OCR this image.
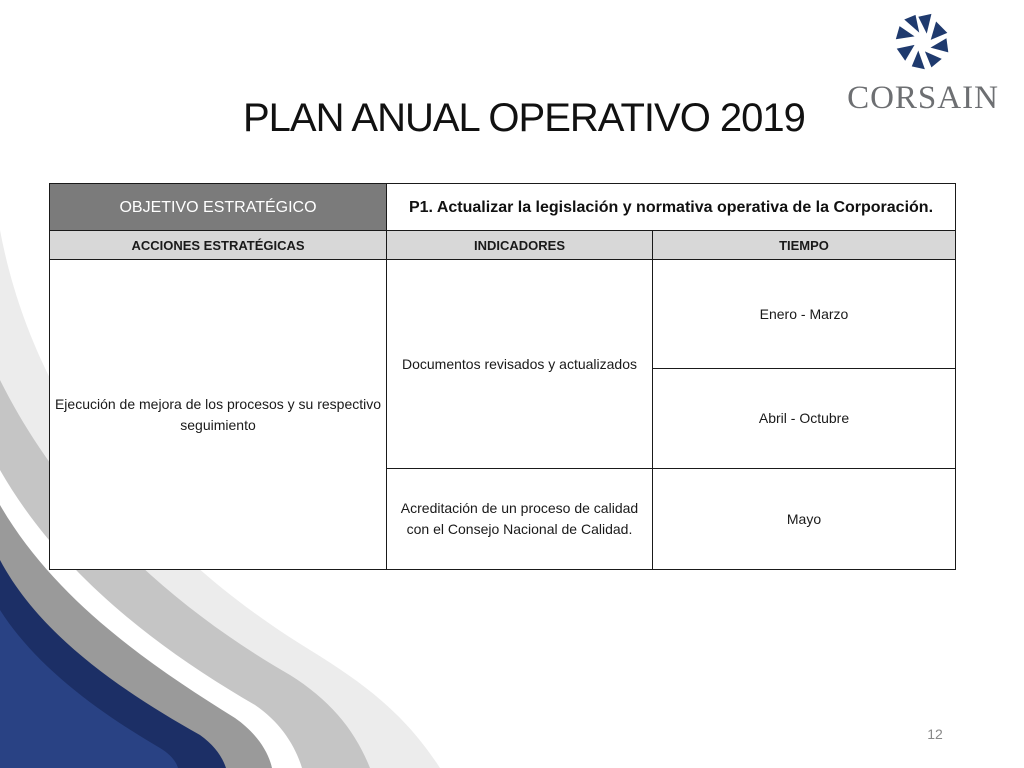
PLAN ANUAL OPERATIVO 2019 CORSAIN
OBJETIVO ESTRATÉGICO	P1. Actualizar la legislación y normativa operativa de la Corporación.	
ACCIONES ESTRATÉGICAS	INDICADORES	TIEMPO
Ejecución de mejora de los procesos y su respectivo seguimiento	Documentos revisados y actualizados	Enero - Marzo
		Abril - Octubre
	Acreditación de un proceso de calidad con el Consejo Nacional de Calidad.	Mayo
12
